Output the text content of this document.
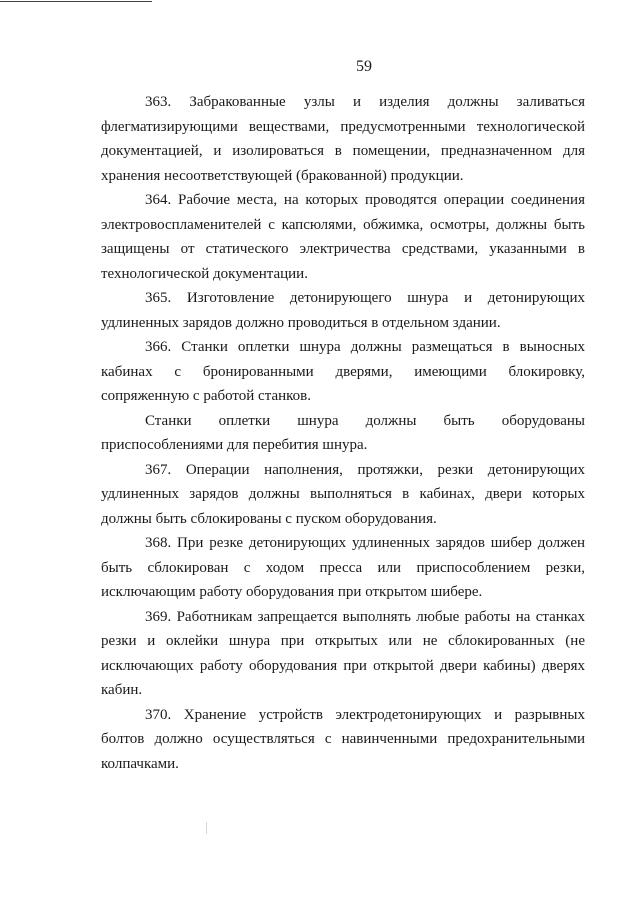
59

363. Забракованные узлы и изделия должны заливаться флегматизирующими веществами, предусмотренными технологической документацией, и изолироваться в помещении, предназначенном для хранения несоответствующей (бракованной) продукции.

364. Рабочие места, на которых проводятся операции соединения электровоспламенителей с капсюлями, обжимка, осмотры, должны быть защищены от статического электричества средствами, указанными в технологической документации.

365. Изготовление детонирующего шнура и детонирующих удлиненных зарядов должно проводиться в отдельном здании.

366. Станки оплетки шнура должны размещаться в выносных кабинах с бронированными дверями, имеющими блокировку, сопряженную с работой станков.

Станки оплетки шнура должны быть оборудованы приспособлениями для перебития шнура.

367. Операции наполнения, протяжки, резки детонирующих удлиненных зарядов должны выполняться в кабинах, двери которых должны быть сблокированы с пуском оборудования.

368. При резке детонирующих удлиненных зарядов шибер должен быть сблокирован с ходом пресса или приспособлением резки, исключающим работу оборудования при открытом шибере.

369. Работникам запрещается выполнять любые работы на станках резки и оклейки шнура при открытых или не сблокированных (не исключающих работу оборудования при открытой двери кабины) дверях кабин.

370. Хранение устройств электродетонирующих и разрывных болтов должно осуществляться с навинченными предохранительными колпачками.
